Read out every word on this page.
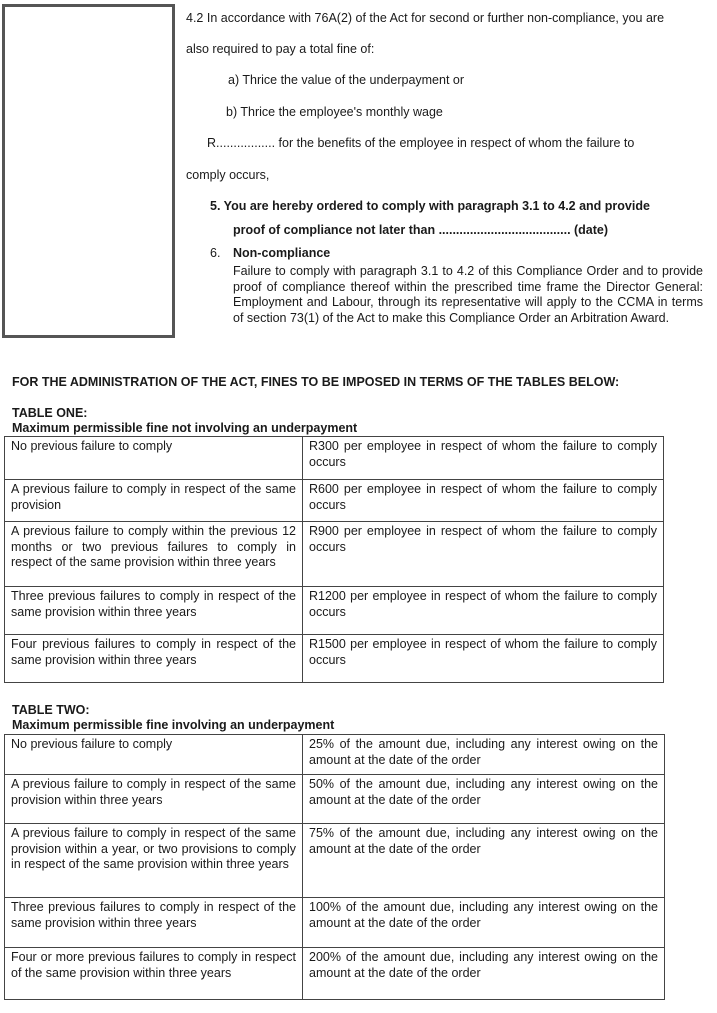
4.2 In accordance with 76A(2) of the Act for second or further non-compliance, you are
also required to pay a total fine of:
a) Thrice the value of the underpayment or
b) Thrice the employee's monthly wage
R................. for the benefits of the employee in respect of whom the failure to
comply occurs,
5. You are hereby ordered to comply with paragraph 3.1 to 4.2 and provide
proof of compliance not later than ...................................... (date)
6. Non-compliance
Failure to comply with paragraph 3.1 to 4.2 of this Compliance Order and to provide proof of compliance thereof within the prescribed time frame the Director General: Employment and Labour, through its representative will apply to the CCMA in terms of section 73(1) of the Act to make this Compliance Order an Arbitration Award.
FOR THE ADMINISTRATION OF THE ACT, FINES TO BE IMPOSED IN TERMS OF THE TABLES BELOW:
TABLE ONE:
Maximum permissible fine not involving an underpayment
No previous failure to comply	R300 per employee in respect of whom the failure to comply occurs
A previous failure to comply in respect of the same provision	R600 per employee in respect of whom the failure to comply occurs
A previous failure to comply within the previous 12 months or two previous failures to comply in respect of the same provision within three years	R900 per employee in respect of whom the failure to comply occurs
Three previous failures to comply in respect of the same provision within three years	R1200 per employee in respect of whom the failure to comply occurs
Four previous failures to comply in respect of the same provision within three years	R1500 per employee in respect of whom the failure to comply occurs
TABLE TWO:
Maximum permissible fine involving an underpayment
No previous failure to comply	25% of the amount due, including any interest owing on the amount at the date of the order
A previous failure to comply in respect of the same provision within three years	50% of the amount due, including any interest owing on the amount at the date of the order
A previous failure to comply in respect of the same provision within a year, or two provisions to comply in respect of the same provision within three years	75% of the amount due, including any interest owing on the amount at the date of the order
Three previous failures to comply in respect of the same provision within three years	100% of the amount due, including any interest owing on the amount at the date of the order
Four or more previous failures to comply in respect of the same provision within three years	200% of the amount due, including any interest owing on the amount at the date of the order
